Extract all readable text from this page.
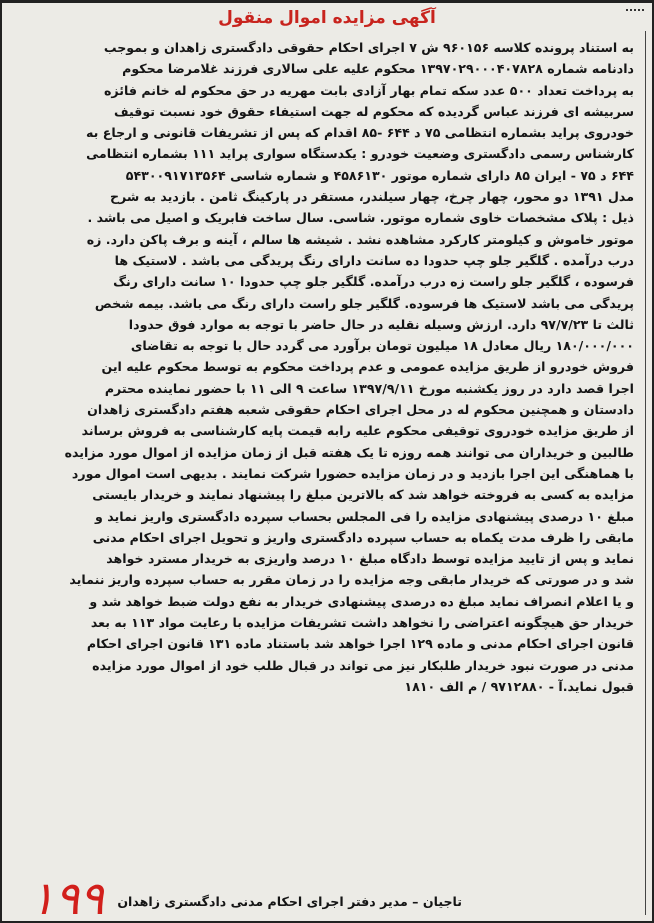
آگهی مزایده اموال منقول
به استناد پرونده کلاسه ۹۶۰۱۵۶ ش ۷ اجرای احکام حقوقی دادگستری زاهدان و بموجب
دادنامه شماره ۱۳۹۷۰۲۹۰۰۰۴۰۷۸۲۸ محکوم علیه علی سالاری فرزند غلامرضا محکوم
به پرداخت تعداد ۵۰۰ عدد سکه تمام بهار آزادی بابت مهریه در حق محکوم له خانم فائزه
سربیشه ای فرزند عباس گردیده که محکوم له جهت استیفاء حقوق خود نسبت توقیف
خودروی پراید بشماره انتظامی ۷۵ د ۶۴۴ -۸۵ اقدام که پس از تشریفات قانونی و ارجاع به
کارشناس رسمی دادگستری وضعیت خودرو : یکدستگاه سواری پراید ۱۱۱ بشماره انتظامی
۶۴۴ د ۷۵ - ایران ۸۵ دارای شماره موتور ۴۵۸۶۱۳۰ و شماره شاسی ۵۴۳۰۰۹۱۷۱۳۵۶۴
مدل ۱۳۹۱ دو محور، چهار چرخ، چهار سیلندر، مستقر در پارکینگ ثامن . بازدید به شرح
ذیل : پلاک مشخصات خاوی شماره موتور. شاسی. سال ساخت فابریک و اصیل می باشد .
موتور خاموش و کیلومتر کارکرد مشاهده نشد . شیشه ها سالم ، آینه و برف پاکن دارد. زه
درب درآمده . گلگیر جلو چپ حدودا ده سانت دارای رنگ پریدگی می باشد . لاستیک ها
فرسوده ، گلگیر جلو راست زه درب درآمده. گلگیر جلو چپ حدودا ۱۰ سانت دارای رنگ
پریدگی می باشد لاستیک ها فرسوده. گلگیر جلو راست دارای رنگ می باشد. بیمه شخص
ثالث تا ۹۷/۷/۲۳ دارد. ارزش وسیله نقلیه در حال حاضر با توجه به موارد فوق حدودا
۱۸۰/۰۰۰/۰۰۰ ریال معادل ۱۸ میلیون تومان برآورد می گردد حال با توجه به تقاضای
فروش خودرو از طریق مزایده عمومی و عدم پرداخت محکوم به توسط محکوم علیه این
اجرا قصد دارد در روز یکشنبه مورخ ۱۳۹۷/۹/۱۱ ساعت ۹ الی ۱۱ با حضور نماینده محترم
دادستان و همچنین محکوم له در محل اجرای احکام حقوقی شعبه هفتم دادگستری زاهدان
از طریق مزایده خودروی توقیفی محکوم علیه رابه قیمت پایه کارشناسی به فروش برساند
طالبین و خریداران می توانند همه روزه تا یک هفته قبل از زمان مزایده از اموال مورد مزایده
با هماهنگی این اجرا بازدید و در زمان مزایده حضورا شرکت نمایند . بدیهی است اموال مورد
مزایده به کسی به فروخته خواهد شد که بالاترین مبلغ را پیشنهاد نمایند و خریدار بایستی
مبلغ ۱۰ درصدی پیشنهادی مزایده را فی المجلس بحساب سپرده دادگستری واریز نماید و
مابقی را ظرف مدت یکماه به حساب سپرده دادگستری واریز و تحویل اجرای احکام مدنی
نماید و پس از تایید مزایده توسط دادگاه مبلغ ۱۰ درصد واریزی به خریدار مسترد خواهد
شد و در صورتی که خریدار مابقی وجه مزایده را در زمان مقرر به حساب سپرده واریز ننماید
و یا اعلام انصراف نماید مبلغ ده درصدی پیشنهادی خریدار به نفع دولت ضبط خواهد شد و
خریدار حق هیچگونه اعتراضی را نخواهد داشت تشریفات مزایده با رعایت مواد ۱۱۳ به بعد
قانون اجرای احکام مدنی و ماده ۱۲۹ اجرا خواهد شد باستناد ماده ۱۳۱ قانون اجرای احکام
مدنی در صورت نبود خریدار طلبکار نیز می تواند در قبال طلب خود از اموال مورد مزایده
قبول نماید.آ - ۹۷۱۲۸۸۰ / م الف ۱۸۱۰
تاجیان – مدیر دفتر اجرای احکام مدنی دادگستری زاهدان
۱۹۹
